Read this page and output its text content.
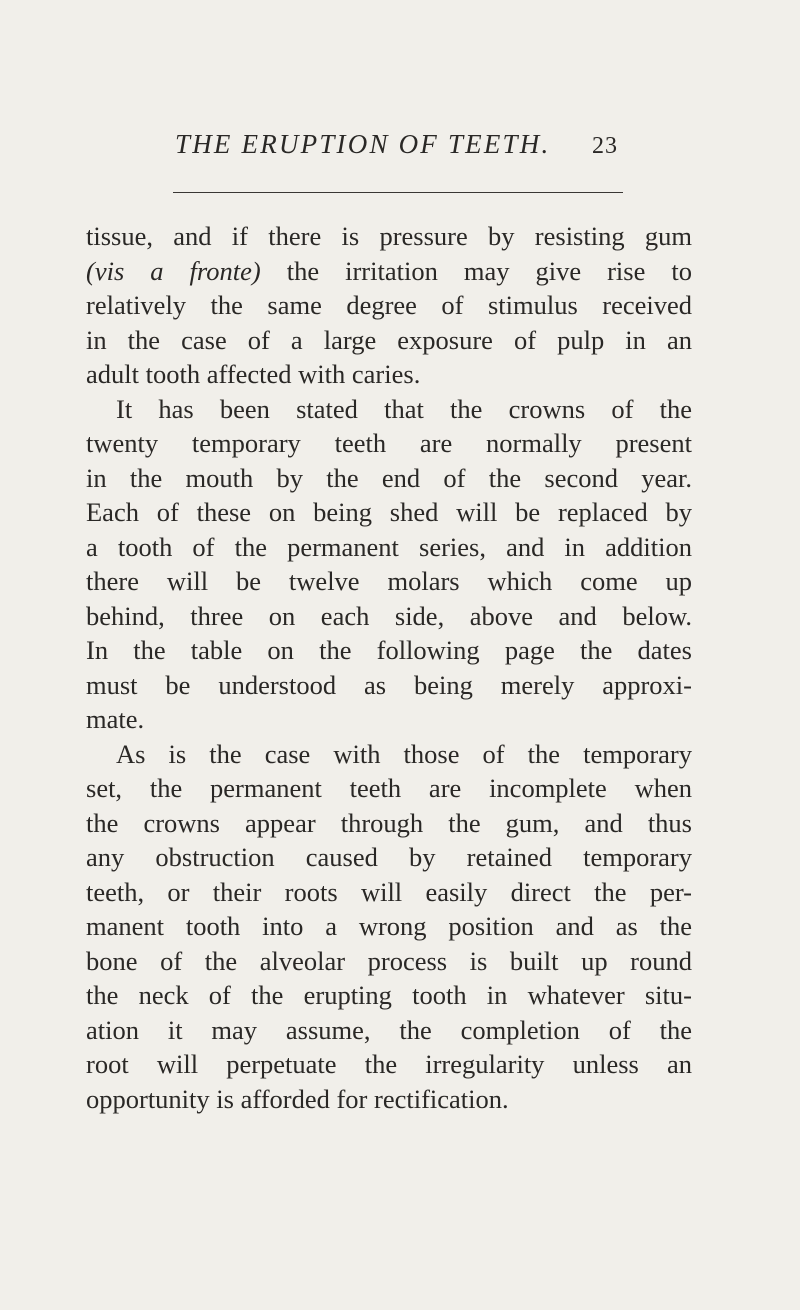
THE ERUPTION OF TEETH. 23
tissue, and if there is pressure by resisting gum
(vis a fronte) the irritation may give rise to
relatively the same degree of stimulus received
in the case of a large exposure of pulp in an
adult tooth affected with caries.
It has been stated that the crowns of the
twenty temporary teeth are normally present
in the mouth by the end of the second year.
Each of these on being shed will be replaced by
a tooth of the permanent series, and in addition
there will be twelve molars which come up
behind, three on each side, above and below.
In the table on the following page the dates
must be understood as being merely approxi-
mate.
As is the case with those of the temporary
set, the permanent teeth are incomplete when
the crowns appear through the gum, and thus
any obstruction caused by retained temporary
teeth, or their roots will easily direct the per-
manent tooth into a wrong position and as the
bone of the alveolar process is built up round
the neck of the erupting tooth in whatever situ-
ation it may assume, the completion of the
root will perpetuate the irregularity unless an
opportunity is afforded for rectification.
